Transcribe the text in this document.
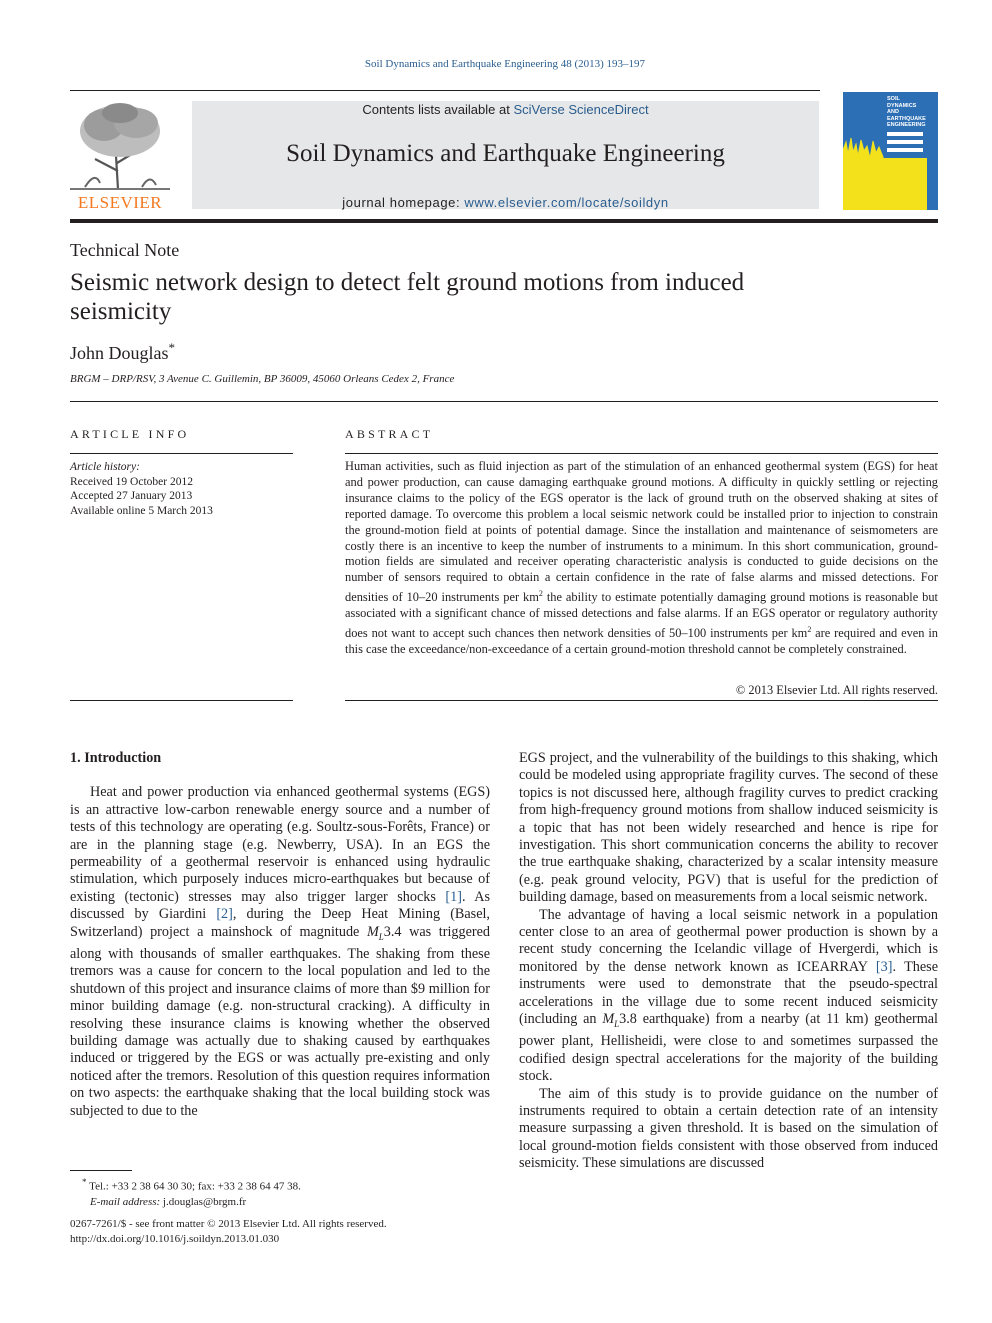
Soil Dynamics and Earthquake Engineering 48 (2013) 193–197
ELSEVIER
Contents lists available at SciVerse ScienceDirect
Soil Dynamics and Earthquake Engineering
journal homepage: www.elsevier.com/locate/soildyn
SOIL DYNAMICS AND EARTHQUAKE ENGINEERING
Technical Note
Seismic network design to detect felt ground motions from induced seismicity
John Douglas*
BRGM – DRP/RSV, 3 Avenue C. Guillemin, BP 36009, 45060 Orleans Cedex 2, France
ARTICLE INFO
Article history:
Received 19 October 2012
Accepted 27 January 2013
Available online 5 March 2013
ABSTRACT
Human activities, such as fluid injection as part of the stimulation of an enhanced geothermal system (EGS) for heat and power production, can cause damaging earthquake ground motions. A difficulty in quickly settling or rejecting insurance claims to the policy of the EGS operator is the lack of ground truth on the observed shaking at sites of reported damage. To overcome this problem a local seismic network could be installed prior to injection to constrain the ground-motion field at points of potential damage. Since the installation and maintenance of seismometers are costly there is an incentive to keep the number of instruments to a minimum. In this short communication, ground-motion fields are simulated and receiver operating characteristic analysis is conducted to guide decisions on the number of sensors required to obtain a certain confidence in the rate of false alarms and missed detections. For densities of 10–20 instruments per $km^2$ the ability to estimate potentially damaging ground motions is reasonable but associated with a significant chance of missed detections and false alarms. If an EGS operator or regulatory authority does not want to accept such chances then network densities of 50–100 instruments per $km^2$ are required and even in this case the exceedance/non-exceedance of a certain ground-motion threshold cannot be completely constrained.
© 2013 Elsevier Ltd. All rights reserved.

1. Introduction

Heat and power production via enhanced geothermal systems (EGS) is an attractive low-carbon renewable energy source and a number of tests of this technology are operating (e.g. Soultz-sous-Forêts, France) or are in the planning stage (e.g. Newberry, USA). In an EGS the permeability of a geothermal reservoir is enhanced using hydraulic stimulation, which purposely induces micro-earthquakes but because of existing (tectonic) stresses may also trigger larger shocks [1]. As discussed by Giardini [2], during the Deep Heat Mining (Basel, Switzerland) project a mainshock of magnitude $M_L3.4$ was triggered along with thousands of smaller earthquakes. The shaking from these tremors was a cause for concern to the local population and led to the shutdown of this project and insurance claims of more than $9 million for minor building damage (e.g. non-structural cracking). A difficulty in resolving these insurance claims is knowing whether the observed building damage was actually due to shaking caused by earthquakes induced or triggered by the EGS or was actually pre-existing and only noticed after the tremors. Resolution of this question requires information on two aspects: the earthquake shaking that the local building stock was subjected to due to the

EGS project, and the vulnerability of the buildings to this shaking, which could be modeled using appropriate fragility curves. The second of these topics is not discussed here, although fragility curves to predict cracking from high-frequency ground motions from shallow induced seismicity is a topic that has not been widely researched and hence is ripe for investigation. This short communication concerns the ability to recover the true earthquake shaking, characterized by a scalar intensity measure (e.g. peak ground velocity, PGV) that is useful for the prediction of building damage, based on measurements from a local seismic network.

The advantage of having a local seismic network in a population center close to an area of geothermal power production is shown by a recent study concerning the Icelandic village of Hvergerdi, which is monitored by the dense network known as ICEARRAY [3]. These instruments were used to demonstrate that the pseudo-spectral accelerations in the village due to some recent induced seismicity (including an $M_L3.8$ earthquake) from a nearby (at 11 km) geothermal power plant, Hellisheidi, were close to and sometimes surpassed the codified design spectral accelerations for the majority of the building stock.

The aim of this study is to provide guidance on the number of instruments required to obtain a certain detection rate of an intensity measure surpassing a given threshold. It is based on the simulation of local ground-motion fields consistent with those observed from induced seismicity. These simulations are discussed

* Tel.: +33 2 38 64 30 30; fax: +33 2 38 64 47 38.
E-mail address: j.douglas@brgm.fr
0267-7261/$ - see front matter © 2013 Elsevier Ltd. All rights reserved.
http://dx.doi.org/10.1016/j.soildyn.2013.01.030
